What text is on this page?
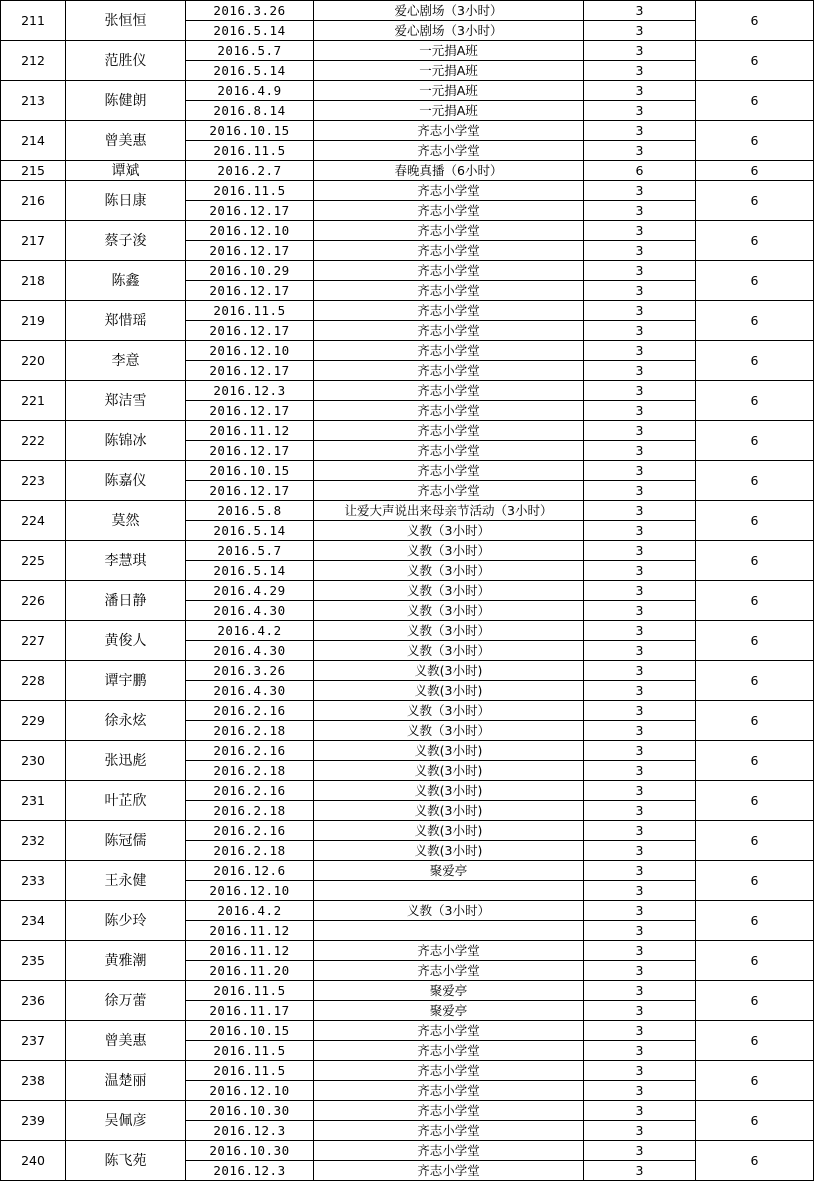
211	张恒恒	2016.3.26	爱心剧场（3小时）	3	6
		2016.5.14	爱心剧场（3小时）	3	
212	范胜仪	2016.5.7	一元捐A班	3	6
		2016.5.14	一元捐A班	3	
213	陈健朗	2016.4.9	一元捐A班	3	6
		2016.8.14	一元捐A班	3	
214	曾美惠	2016.10.15	齐志小学堂	3	6
		2016.11.5	齐志小学堂	3	
215	谭斌	2016.2.7	春晚真播（6小时）	6	6
216	陈日康	2016.11.5	齐志小学堂	3	6
		2016.12.17	齐志小学堂	3	
217	蔡子浚	2016.12.10	齐志小学堂	3	6
		2016.12.17	齐志小学堂	3	
218	陈鑫	2016.10.29	齐志小学堂	3	6
		2016.12.17	齐志小学堂	3	
219	郑惜瑶	2016.11.5	齐志小学堂	3	6
		2016.12.17	齐志小学堂	3	
220	李意	2016.12.10	齐志小学堂	3	6
		2016.12.17	齐志小学堂	3	
221	郑洁雪	2016.12.3	齐志小学堂	3	6
		2016.12.17	齐志小学堂	3	
222	陈锦冰	2016.11.12	齐志小学堂	3	6
		2016.12.17	齐志小学堂	3	
223	陈嘉仪	2016.10.15	齐志小学堂	3	6
		2016.12.17	齐志小学堂	3	
224	莫然	2016.5.8	让爱大声说出来母亲节活动（3小时）	3	6
		2016.5.14	义教（3小时）	3	
225	李慧琪	2016.5.7	义教（3小时）	3	6
		2016.5.14	义教（3小时）	3	
226	潘日静	2016.4.29	义教（3小时）	3	6
		2016.4.30	义教（3小时）	3	
227	黄俊人	2016.4.2	义教（3小时）	3	6
		2016.4.30	义教（3小时）	3	
228	谭宇鹏	2016.3.26	义教(3小时)	3	6
		2016.4.30	义教(3小时)	3	
229	徐永炫	2016.2.16	义教（3小时）	3	6
		2016.2.18	义教（3小时）	3	
230	张迅彪	2016.2.16	义教(3小时)	3	6
		2016.2.18	义教(3小时)	3	
231	叶芷欣	2016.2.16	义教(3小时)	3	6
		2016.2.18	义教(3小时)	3	
232	陈冠儒	2016.2.16	义教(3小时)	3	6
		2016.2.18	义教(3小时)	3	
233	王永健	2016.12.6	聚爱亭	3	6
		2016.12.10		3	
234	陈少玲	2016.4.2	义教（3小时）	3	6
		2016.11.12		3	
235	黄雅潮	2016.11.12	齐志小学堂	3	6
		2016.11.20	齐志小学堂	3	
236	徐万蕾	2016.11.5	聚爱亭	3	6
		2016.11.17	聚爱亭	3	
237	曾美惠	2016.10.15	齐志小学堂	3	6
		2016.11.5	齐志小学堂	3	
238	温楚丽	2016.11.5	齐志小学堂	3	6
		2016.12.10	齐志小学堂	3	
239	吴佩彦	2016.10.30	齐志小学堂	3	6
		2016.12.3	齐志小学堂	3	
240	陈飞苑	2016.10.30	齐志小学堂	3	6
		2016.12.3	齐志小学堂	3	
